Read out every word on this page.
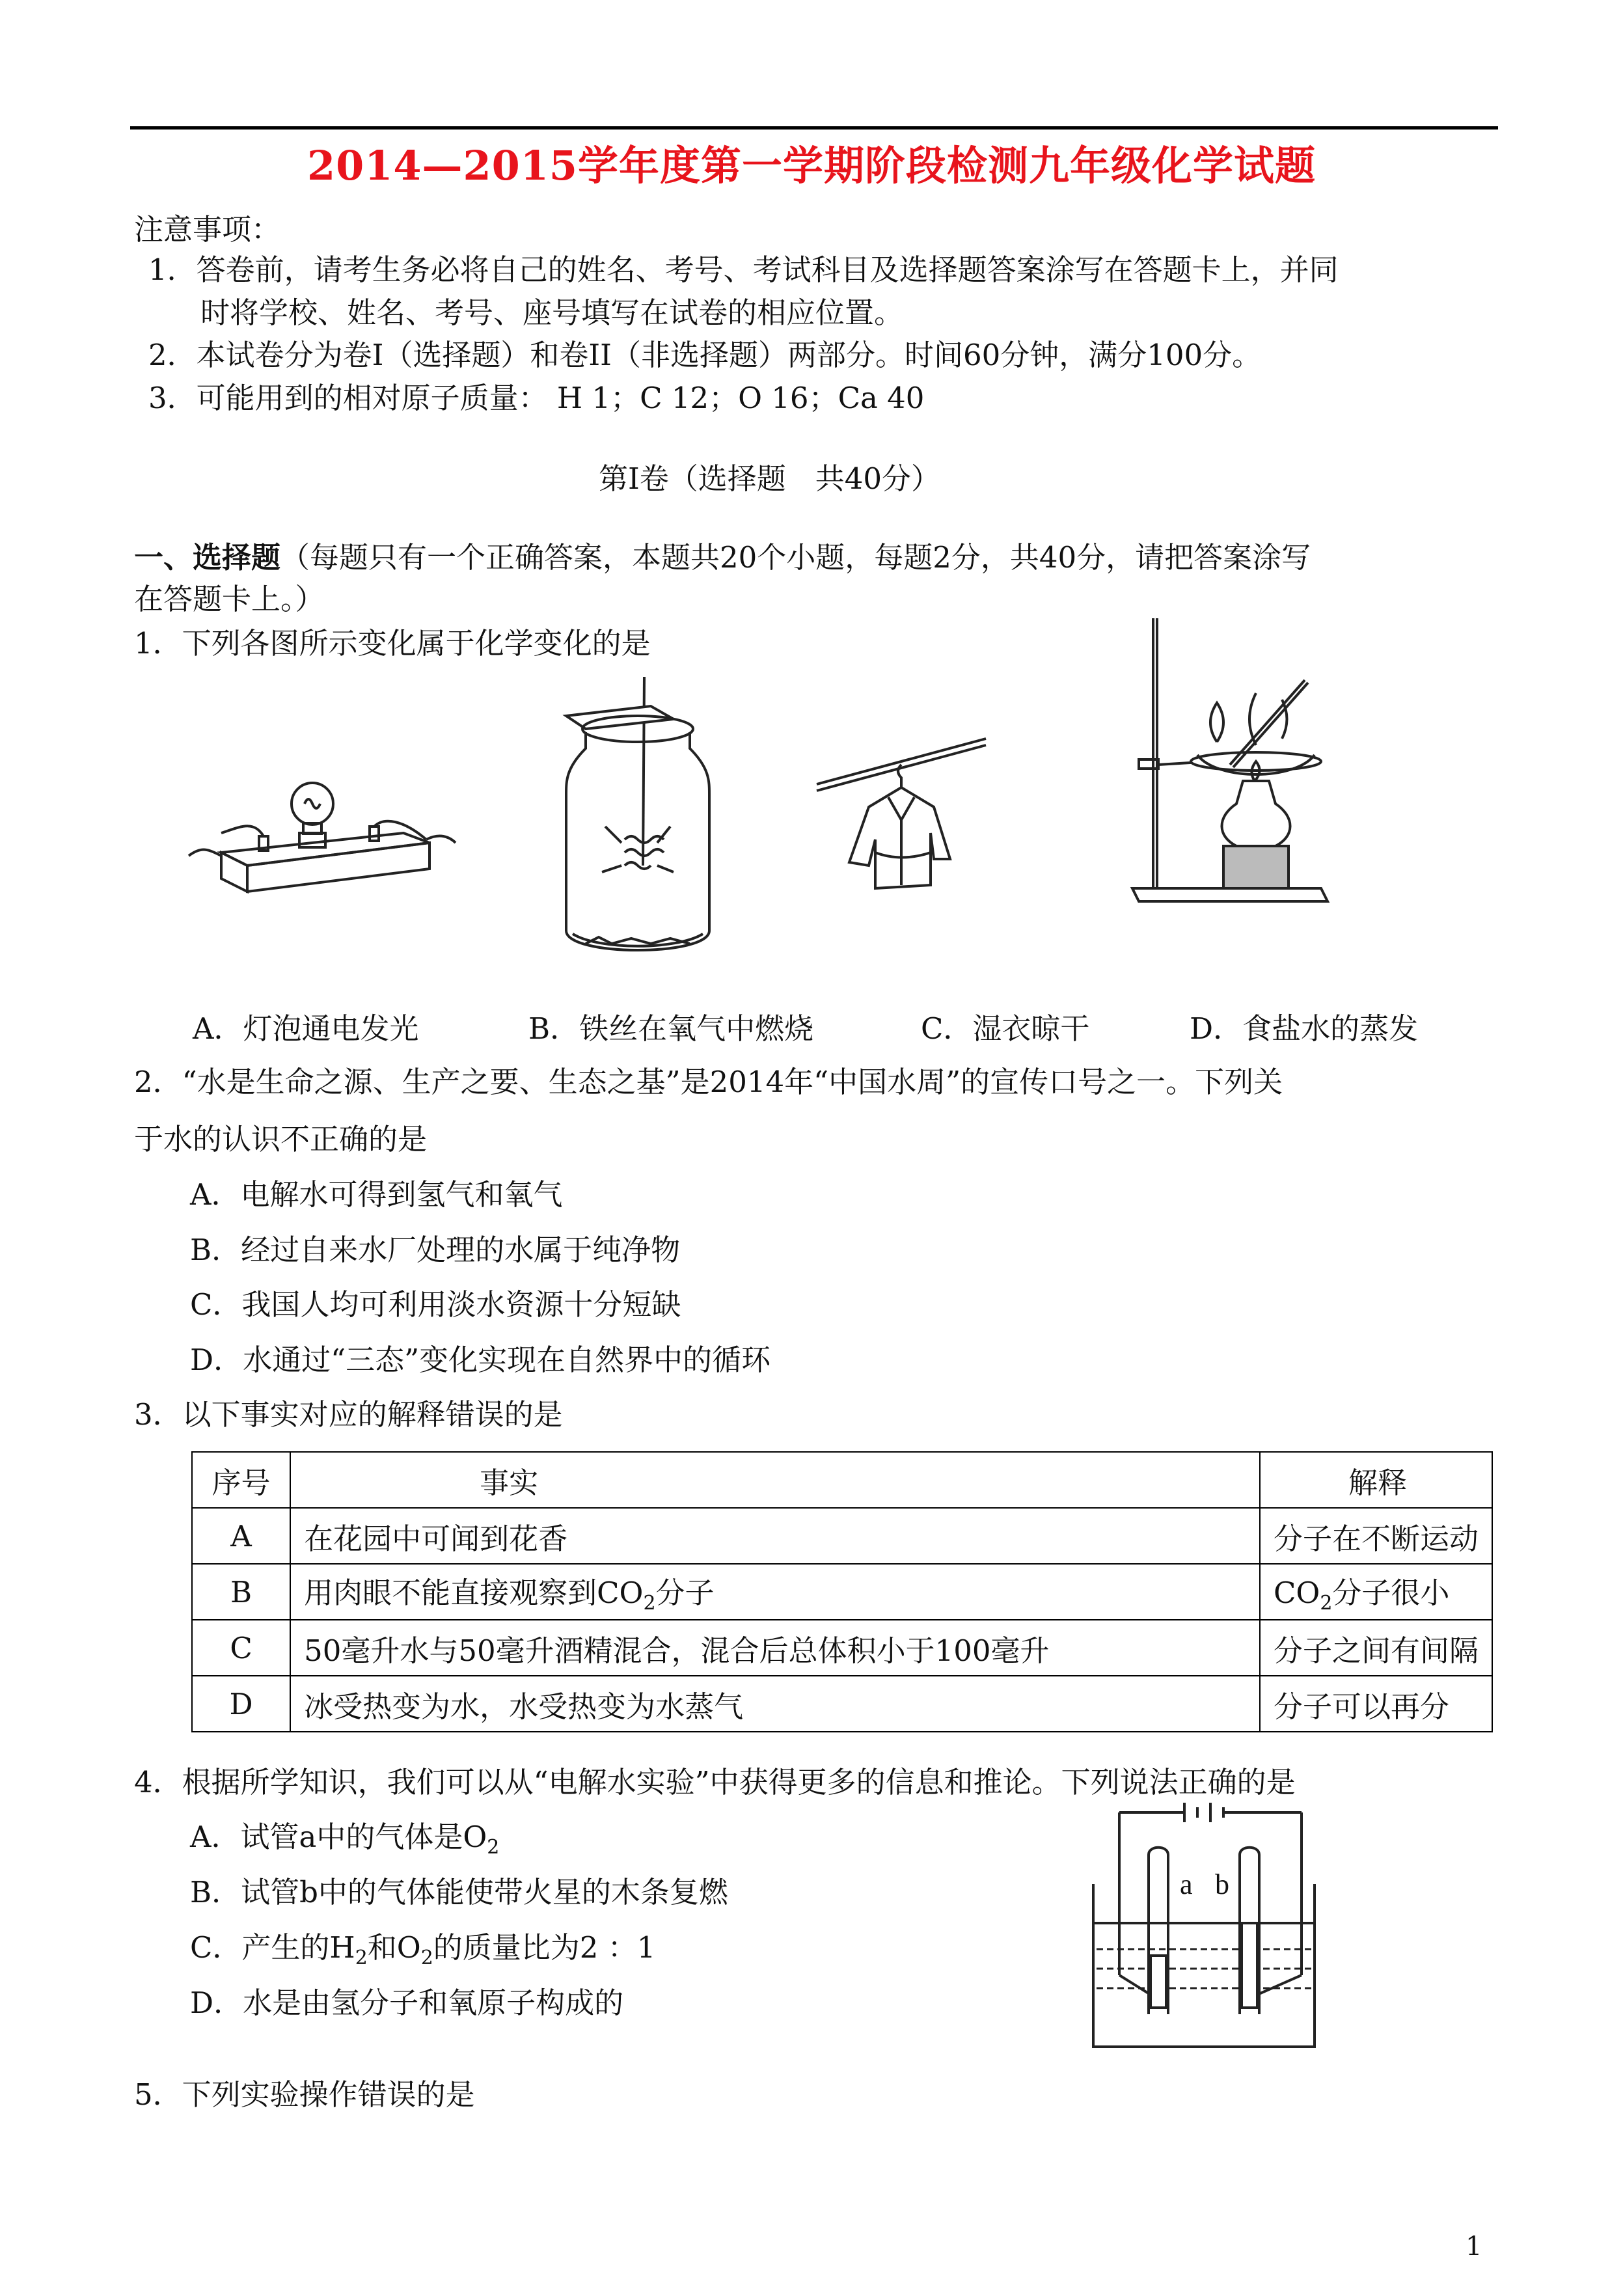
2014—2015学年度第一学期阶段检测九年级化学试题
注意事项：
1．答卷前，请考生务必将自己的姓名、考号、考试科目及选择题答案涂写在答题卡上，并同
时将学校、姓名、考号、座号填写在试卷的相应位置。
2．本试卷分为卷Ⅰ（选择题）和卷II（非选择题）两部分。时间60分钟，满分100分。
3．可能用到的相对原子质量： H 1；C 12；O 16；Ca 40
第Ⅰ卷（选择题　共40分）
一、选择题（每题只有一个正确答案，本题共20个小题，每题2分，共40分，请把答案涂写
在答题卡上。）
1．下列各图所示变化属于化学变化的是
A．灯泡通电发光	B．铁丝在氧气中燃烧	C．湿衣晾干	D．食盐水的蒸发
2．“水是生命之源、生产之要、生态之基”是2014年“中国水周”的宣传口号之一。下列关
于水的认识不正确的是
A．电解水可得到氢气和氧气
B．经过自来水厂处理的水属于纯净物
C．我国人均可利用淡水资源十分短缺
D．水通过“三态”变化实现在自然界中的循环
3．以下事实对应的解释错误的是
序号	事实	解释
A	在花园中可闻到花香	分子在不断运动
B	用肉眼不能直接观察到$CO_2$分子	$CO_2$分子很小
C	50毫升水与50毫升酒精混合，混合后总体积小于100毫升	分子之间有间隔
D	冰受热变为水，水受热变为水蒸气	分子可以再分
4．根据所学知识，我们可以从“电解水实验”中获得更多的信息和推论。下列说法正确的是
A．试管a中的气体是$O_2$
B．试管b中的气体能使带火星的木条复燃
C．产生的$H_2$和$O_2$的质量比为2 ：1
D．水是由氢分子和氧原子构成的
a b
5．下列实验操作错误的是
1
